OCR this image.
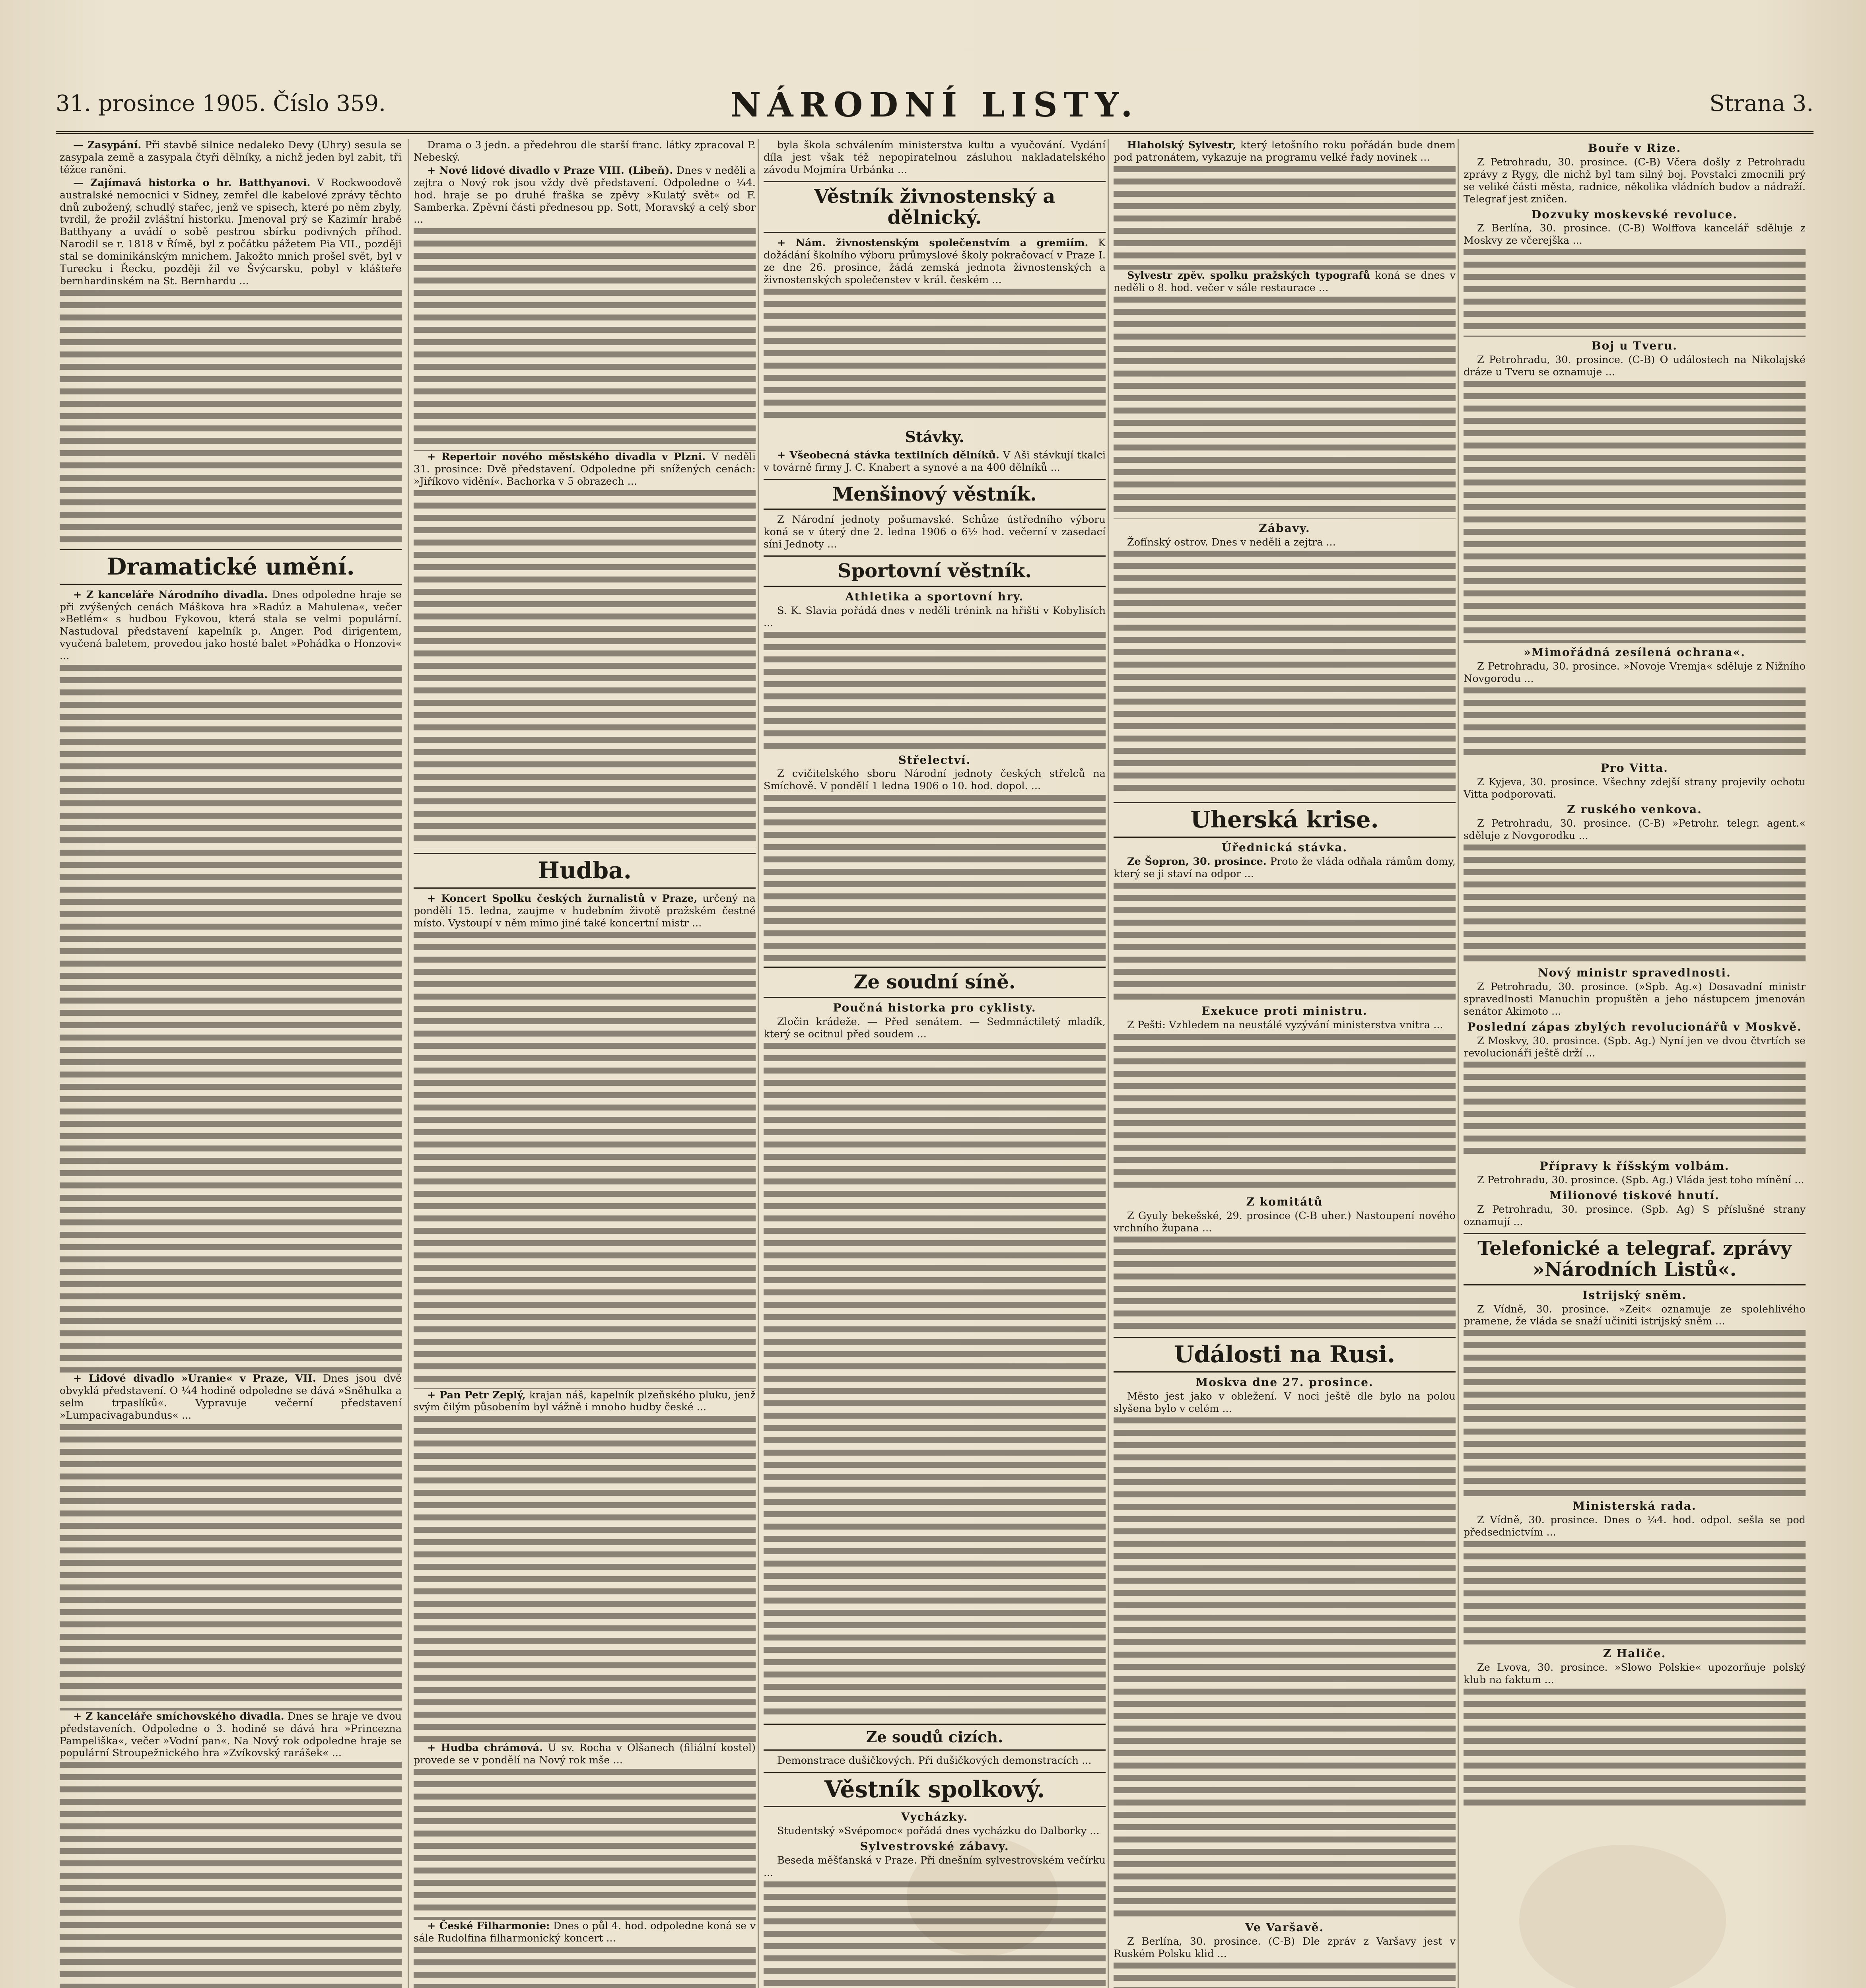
31. prosince 1905. Číslo 359.	NÁRODNÍ LISTY.	Strana 3.

— Zasypání. Při stavbě silnice nedaleko Devy (Uhry) sesula se zasypala země a zasypala čtyři dělníky, a nichž jeden byl zabit, tři těžce raněni.

— Zajímavá historka o hr. Batthyanovi. V Rockwoodově australské nemocnici v Sidney, zemřel dle kabelové zprávy těchto dnů zubožený, schudlý stařec, jenž ve spisech, které po něm zbyly, tvrdil, že prožil zvláštní historku. Jmenoval prý se Kazimír hrabě Batthyany a uvádí o sobě pestrou sbírku podivných příhod. Narodil se r. 1818 v Římě, byl z počátku pážetem Pia VII., později stal se dominikánským mnichem. Jakožto mnich prošel svět, byl v Turecku i Řecku, později žil ve Švýcarsku, pobyl v klášteře bernhardinském na St. Bernhardu ...

Dramatické umění.

+ Z kanceláře Národního divadla. Dnes odpoledne hraje se při zvýšených cenách Máškova hra »Radúz a Mahulena«, večer »Betlém« s hudbou Fykovou, která stala se velmi populární. Nastudoval představení kapelník p. Anger. Pod dirigentem, vyučená baletem, provedou jako hosté balet »Pohádka o Honzovi« ...

+ Lidové divadlo »Uranie« v Praze, VII. Dnes jsou dvě obvyklá představení. O ¼4 hodině odpoledne se dává »Sněhulka a selm trpaslíků«. Vypravuje večerní představení »Lumpacivagabundus« ...

+ Z kanceláře smíchovského divadla. Dnes se hraje ve dvou představeních. Odpoledne o 3. hodině se dává hra »Princezna Pampeliška«, večer »Vodní pan«. Na Nový rok odpoledne hraje se populární Stroupežnického hra »Zvíkovský rarášek« ...

Drama o 3 jedn. a předehrou dle starší franc. látky zpracoval P. Nebeský.

+ Nové lidové divadlo v Praze VIII. (Libeň). Dnes v neděli a zejtra o Nový rok jsou vždy dvě představení. Odpoledne o ¼4. hod. hraje se po druhé fraška se zpěvy »Kulatý svět« od F. Samberka. Zpěvní části přednesou pp. Sott, Moravský a celý sbor ...

+ Repertoir nového městského divadla v Plzni. V neděli 31. prosince: Dvě představení. Odpoledne při snížených cenách: »Jiříkovo vidění«. Bachorka v 5 obrazech ...

Hudba.

+ Koncert Spolku českých žurnalistů v Praze, určený na pondělí 15. ledna, zaujme v hudebním životě pražském čestné místo. Vystoupí v něm mimo jiné také koncertní mistr ...

+ Pan Petr Zeplý, krajan náš, kapelník plzeňského pluku, jenž svým čilým působením byl vážně i mnoho hudby české ...

+ Hudba chrámová. U sv. Rocha v Olšanech (filiální kostel) provede se v pondělí na Nový rok mše ...

+ České Filharmonie: Dnes o půl 4. hod. odpoledne koná se v sále Rudolfina filharmonický koncert ...

byla škola schválením ministerstva kultu a vyučování. Vydání díla jest však též nepopiratelnou zásluhou nakladatelského závodu Mojmíra Urbánka ...

Věstník živnostenský a dělnický.

+ Nám. živnostenským společenstvím a gremiím. K dožádání školního výboru průmyslové školy pokračovací v Praze I. ze dne 26. prosince, žádá zemská jednota živnostenských a živnostenských společenstev v král. českém ...

Stávky.

+ Všeobecná stávka textilních dělníků. V Aši stávkují tkalci v továrně firmy J. C. Knabert a synové a na 400 dělníků ...

Menšinový věstník.

Z Národní jednoty pošumavské. Schůze ústředního výboru koná se v úterý dne 2. ledna 1906 o 6½ hod. večerní v zasedací síni Jednoty ...

Sportovní věstník.
Athletika a sportovní hry.

S. K. Slavia pořádá dnes v neděli trénink na hřišti v Kobylisích ...

Střelectví.

Z cvičitelského sboru Národní jednoty českých střelců na Smíchově. V pondělí 1 ledna 1906 o 10. hod. dopol. ...

Ze soudní síně.
Poučná historka pro cyklisty.

Zločin krádeže. — Před senátem. — Sedmnáctiletý mladík, který se ocitnul před soudem ...

Ze soudů cizích.

Demonstrace dušičkových. Při dušičkových demonstracích ...

Věstník spolkový.
Vycházky.

Studentský »Svépomoc« pořádá dnes vycházku do Dalborky ...

Sylvestrovské zábavy.

Beseda měšťanská v Praze. Při dnešním sylvestrovském večírku ...

Hlaholský Sylvestr, který letošního roku pořádán bude dnem pod patronátem, vykazuje na programu velké řady novinek ...

Sylvestr zpěv. spolku pražských typografů koná se dnes v neděli o 8. hod. večer v sále restaurace ...

Zábavy.

Žofínský ostrov. Dnes v neděli a zejtra ...

Uherská krise.
Úřednická stávka.

Ze Šopron, 30. prosince. Proto že vláda odňala rámům domy, který se ji staví na odpor ...

Exekuce proti ministru.

Z Pešti: Vzhledem na neustálé vyzývání ministerstva vnitra ...

Z komitátů

Z Gyuly bekešské, 29. prosince (C-B uher.) Nastoupení nového vrchního župana ...

Události na Rusi.
Moskva dne 27. prosince.

Město jest jako v obležení. V noci ještě dle bylo na polou slyšena bylo v celém ...

Ve Varšavě.

Z Berlína, 30. prosince. (C-B) Dle zpráv z Varšavy jest v Ruském Polsku klid ...

Bouře v Rize.

Z Petrohradu, 30. prosince. (C-B) Včera došly z Petrohradu zprávy z Rygy, dle nichž byl tam silný boj. Povstalci zmocnili prý se veliké části města, radnice, několika vládních budov a nádraží. Telegraf jest zničen.

Dozvuky moskevské revoluce.

Z Berlína, 30. prosince. (C-B) Wolffova kancelář sděluje z Moskvy ze včerejška ...

Boj u Tveru.

Z Petrohradu, 30. prosince. (C-B) O událostech na Nikolajské dráze u Tveru se oznamuje ...

»Mimořádná zesílená ochrana«.

Z Petrohradu, 30. prosince. »Novoje Vremja« sděluje z Nižního Novgorodu ...

Pro Vitta.

Z Kyjeva, 30. prosince. Všechny zdejší strany projevily ochotu Vitta podporovati.

Z ruského venkova.

Z Petrohradu, 30. prosince. (C-B) »Petrohr. telegr. agent.« sděluje z Novgorodku ...

Nový ministr spravedlnosti.

Z Petrohradu, 30. prosince. (»Spb. Ag.«) Dosavadní ministr spravedlnosti Manuchin propuštěn a jeho nástupcem jmenován senátor Akimoto ...

Poslední zápas zbylých revolucionářů v Moskvě.

Z Moskvy, 30. prosince. (Spb. Ag.) Nyní jen ve dvou čtvrtích se revolucionáři ještě drží ...

Přípravy k říšským volbám.

Z Petrohradu, 30. prosince. (Spb. Ag.) Vláda jest toho mínění ...

Milionové tiskové hnutí.

Z Petrohradu, 30. prosince. (Spb. Ag) S příslušné strany oznamují ...

Telefonické a telegraf. zprávy »Národních Listů«.
Istrijský sněm.

Z Vídně, 30. prosince. »Zeit« oznamuje ze spolehlivého pramene, že vláda se snaží učiniti istrijský sněm ...

Ministerská rada.

Z Vídně, 30. prosince. Dnes o ¼4. hod. odpol. sešla se pod předsednictvím ...

Z Haliče.

Ze Lvova, 30. prosince. »Slowo Polskie« upozorňuje polský klub na faktum ...
